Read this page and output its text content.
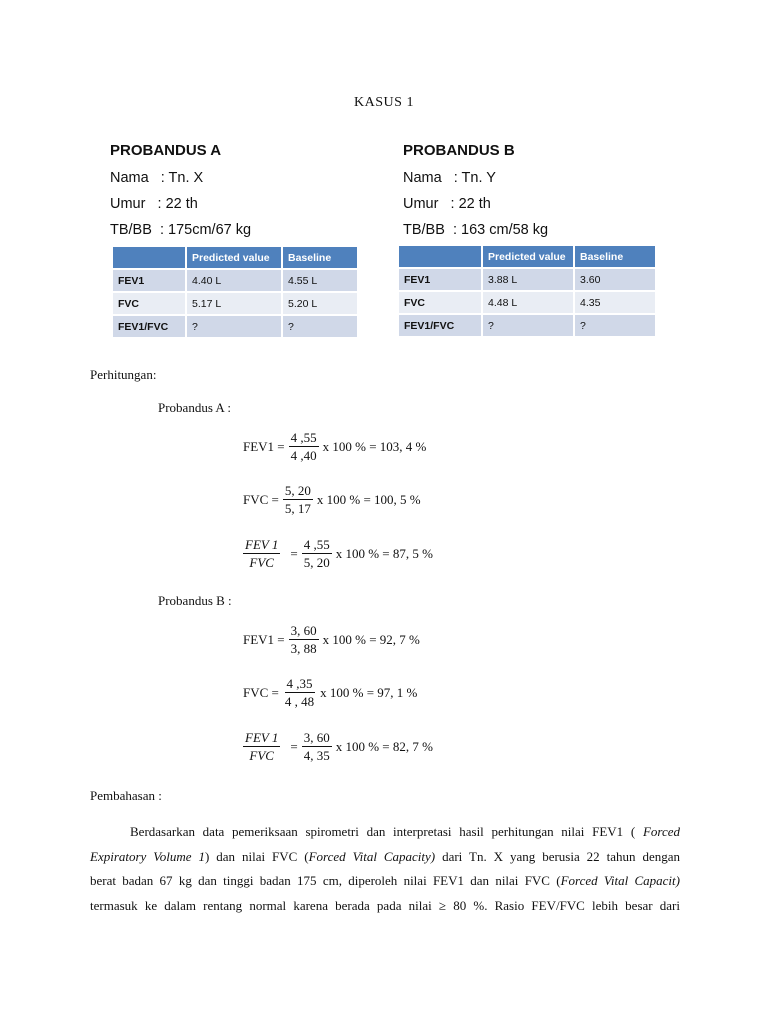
KASUS 1
PROBANDUS A
Nama   : Tn. X
Umur   : 22 th
TB/BB  : 175cm/67 kg
	Predicted value	Baseline
FEV1	4.40 L	4.55 L
FVC	5.17 L	5.20 L
FEV1/FVC	?	?
PROBANDUS B
Nama   : Tn. Y
Umur   : 22 th
TB/BB  : 163 cm/58 kg
	Predicted value	Baseline
FEV1	3.88 L	3.60
FVC	4.48 L	4.35
FEV1/FVC	?	?
Perhitungan:
Probandus A :
$FEV1 = \frac{4 ,55}{4 ,40}$ x 100 % = 103, 4 %
FVC = $\frac{5, 20}{5, 17}$ x 100 % = 100, 5 %
$\frac{\text{FEV 1}}{\text{FVC}} = \frac{4 ,55}{5, 20}$ x 100 % = 87, 5 %
Probandus B :
$FEV1 = \frac{3, 60}{3, 88}$ x 100 % = 92, 7 %
FVC = $\frac{4 ,35}{4 , 48}$ x 100 % = 97, 1 %
$\frac{\text{FEV 1}}{\text{FVC}} = \frac{3, 60}{4, 35}$ x 100 % = 82, 7 %
Pembahasan :
Berdasarkan data pemeriksaan spirometri dan interpretasi hasil perhitungan nilai FEV1 ( Forced
Expiratory Volume 1) dan nilai FVC (Forced Vital Capacity) dari Tn. X yang berusia 22 tahun dengan
berat badan 67 kg dan tinggi badan 175 cm, diperoleh nilai FEV1 dan nilai FVC (Forced Vital Capacit)
termasuk ke dalam rentang normal karena berada pada nilai ≥ 80 %. Rasio FEV/FVC lebih besar dari
